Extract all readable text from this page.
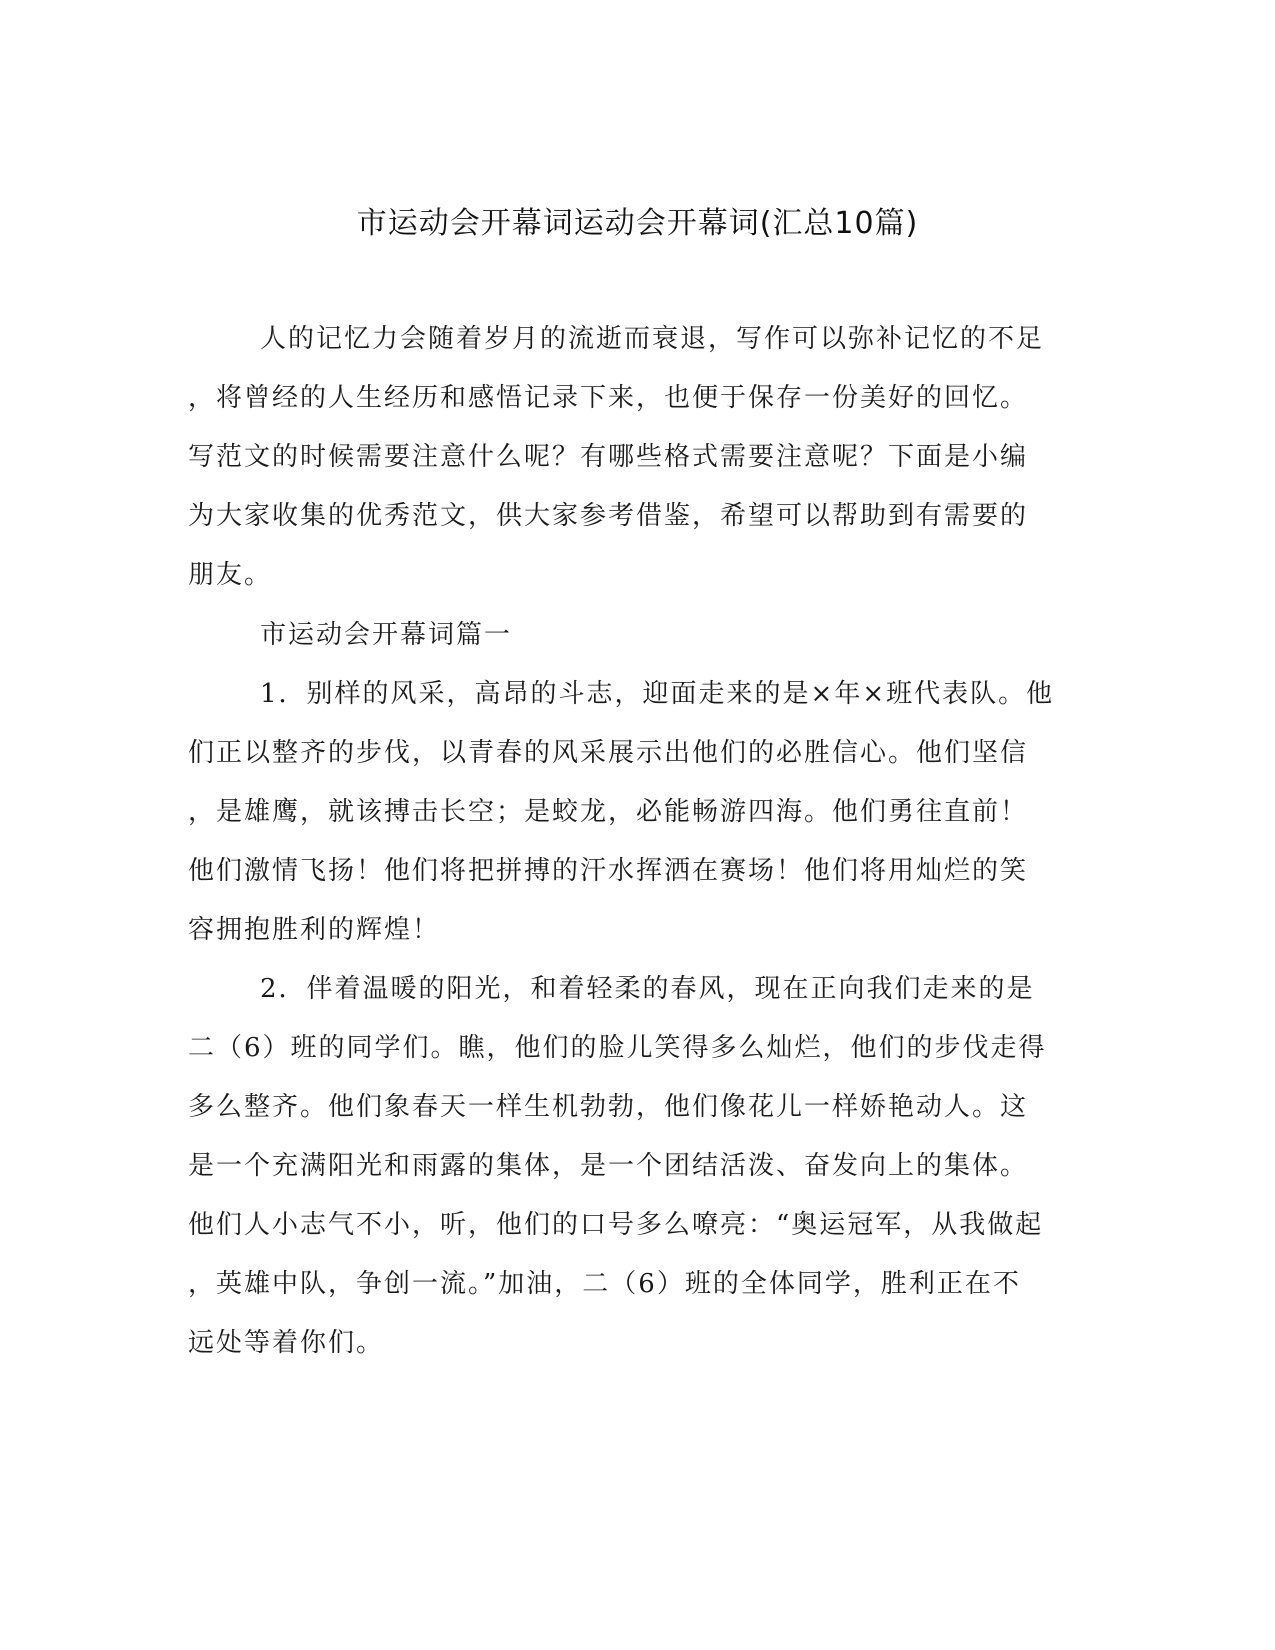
市运动会开幕词运动会开幕词(汇总10篇)
人的记忆力会随着岁月的流逝而衰退，写作可以弥补记忆的不足
，将曾经的人生经历和感悟记录下来，也便于保存一份美好的回忆。
写范文的时候需要注意什么呢？有哪些格式需要注意呢？下面是小编
为大家收集的优秀范文，供大家参考借鉴，希望可以帮助到有需要的
朋友。
市运动会开幕词篇一
1．别样的风采，高昂的斗志，迎面走来的是×年×班代表队。他
们正以整齐的步伐，以青春的风采展示出他们的必胜信心。他们坚信
，是雄鹰，就该搏击长空；是蛟龙，必能畅游四海。他们勇往直前！
他们激情飞扬！他们将把拼搏的汗水挥洒在赛场！他们将用灿烂的笑
容拥抱胜利的辉煌！
2．伴着温暖的阳光，和着轻柔的春风，现在正向我们走来的是
二（6）班的同学们。瞧，他们的脸儿笑得多么灿烂，他们的步伐走得
多么整齐。他们象春天一样生机勃勃，他们像花儿一样娇艳动人。这
是一个充满阳光和雨露的集体，是一个团结活泼、奋发向上的集体。
他们人小志气不小，听，他们的口号多么嘹亮：“奥运冠军，从我做起
，英雄中队，争创一流。”加油，二（6）班的全体同学，胜利正在不
远处等着你们。
